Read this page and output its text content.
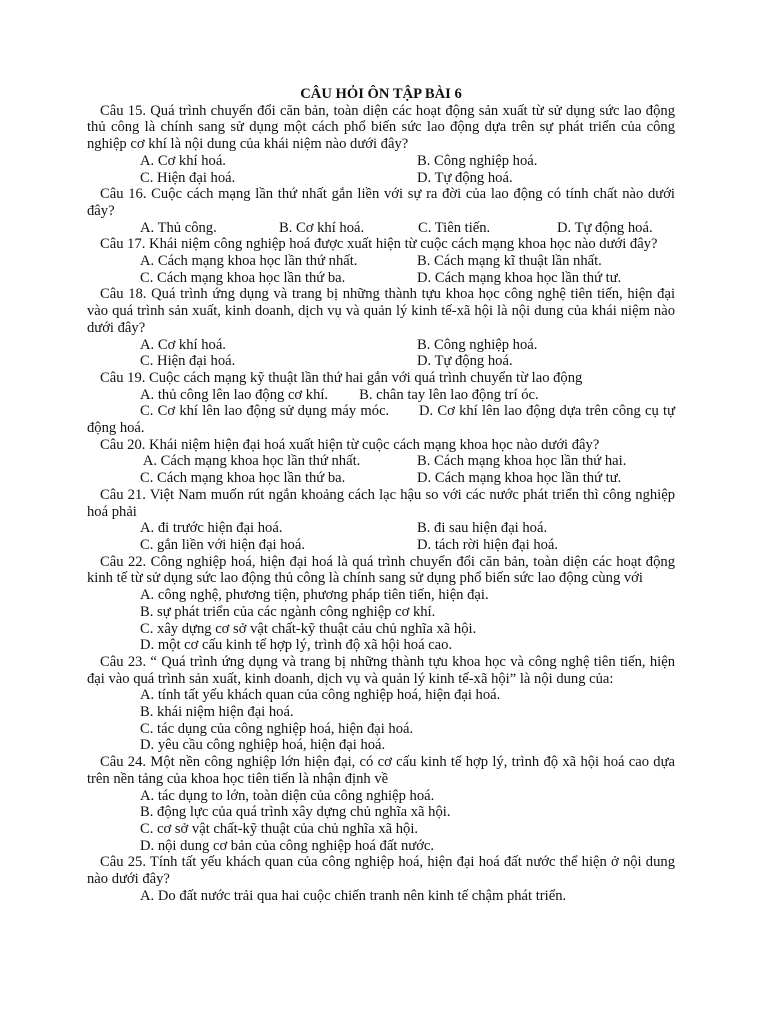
CÂU HỎI ÔN TẬP BÀI 6
Câu 15. Quá trình chuyển đổi căn bản, toàn diện các hoạt động sản xuất từ sử dụng sức lao động thủ công là chính sang sử dụng một cách phổ biến sức lao động dựa trên sự phát triển của công nghiệp cơ khí là nội dung của khái niệm nào dưới đây?
A. Cơ khí hoá.	B. Công nghiệp hoá.
C. Hiện đại hoá.	D. Tự động hoá.
Câu 16. Cuộc cách mạng lần thứ nhất gắn liền với sự ra đời của lao động có tính chất nào dưới đây?
A. Thủ công.	B. Cơ khí hoá.	C. Tiên tiến.	D. Tự động hoá.
Câu 17. Khái niệm công nghiệp hoá được xuất hiện từ cuộc cách mạng khoa học nào dưới đây?
A. Cách mạng khoa học lần thứ nhất.	B. Cách mạng kĩ thuật lần nhất.
C. Cách mạng khoa học lần thứ ba.	D. Cách mạng khoa học lần thứ tư.
Câu 18. Quá trình ứng dụng và trang bị những thành tựu khoa học công nghệ tiên tiến, hiện đại vào quá trình sản xuất, kinh doanh, dịch vụ và quản lý kinh tế-xã hội là nội dung của khái niệm nào dưới đây?
A. Cơ khí hoá.	B. Công nghiệp hoá.
C. Hiện đại hoá.	D. Tự động hoá.
Câu 19. Cuộc cách mạng kỹ thuật lần thứ hai gắn với quá trình chuyển từ lao động
A. thủ công lên lao động cơ khí. B. chân tay lên lao động trí óc.
C. Cơ khí lên lao động sử dụng máy móc. D. Cơ khí lên lao động dựa trên công cụ tự động hoá.
Câu 20. Khái niệm hiện đại hoá xuất hiện từ cuộc cách mạng khoa học nào dưới đây?
A. Cách mạng khoa học lần thứ nhất.	B. Cách mạng khoa học lần thứ hai.
C. Cách mạng khoa học lần thứ ba.	D. Cách mạng khoa học lần thứ tư.
Câu 21. Việt Nam muốn rút ngắn khoảng cách lạc hậu so với các nước phát triển thì công nghiệp hoá phải
A. đi trước hiện đại hoá.	B. đi sau hiện đại hoá.
C. gắn liền với hiện đại hoá.	D. tách rời hiện đại hoá.
Câu 22. Công nghiệp hoá, hiện đại hoá là quá trình chuyển đổi căn bản, toàn diện các hoạt động kinh tế từ sử dụng sức lao động thủ công là chính sang sử dụng phổ biến sức lao động cùng với
A. công nghệ, phương tiện, phương pháp tiên tiến, hiện đại.
B. sự phát triển của các ngành công nghiệp cơ khí.
C. xây dựng cơ sở vật chất-kỹ thuật cảu chủ nghĩa xã hội.
D. một cơ cấu kinh tế hợp lý, trình độ xã hội hoá cao.
Câu 23. “ Quá trình ứng dụng và trang bị những thành tựu khoa học và công nghệ tiên tiến, hiện đại vào quá trình sản xuất, kinh doanh, dịch vụ và quản lý kinh tế-xã hội” là nội dung của:
A. tính tất yếu khách quan của công nghiệp hoá, hiện đại hoá.
B. khái niệm hiện đại hoá.
C. tác dụng của công nghiệp hoá, hiện đại hoá.
D. yêu cầu công nghiệp hoá, hiện đại hoá.
Câu 24. Một nền công nghiệp lớn hiện đại, có cơ cấu kinh tế hợp lý, trình độ xã hội hoá cao dựa trên nền tảng của khoa học tiên tiến là nhận định về
A. tác dụng to lớn, toàn diện của công nghiệp hoá.
B. động lực của quá trình xây dựng chủ nghĩa xã hội.
C. cơ sở vật chất-kỹ thuật của chủ nghĩa xã hội.
D. nội dung cơ bản của công nghiệp hoá đất nước.
Câu 25. Tính tất yếu khách quan của công nghiệp hoá, hiện đại hoá đất nước thể hiện ở nội dung nào dưới đây?
A. Do đất nước trải qua hai cuộc chiến tranh nên kinh tế chậm phát triển.
